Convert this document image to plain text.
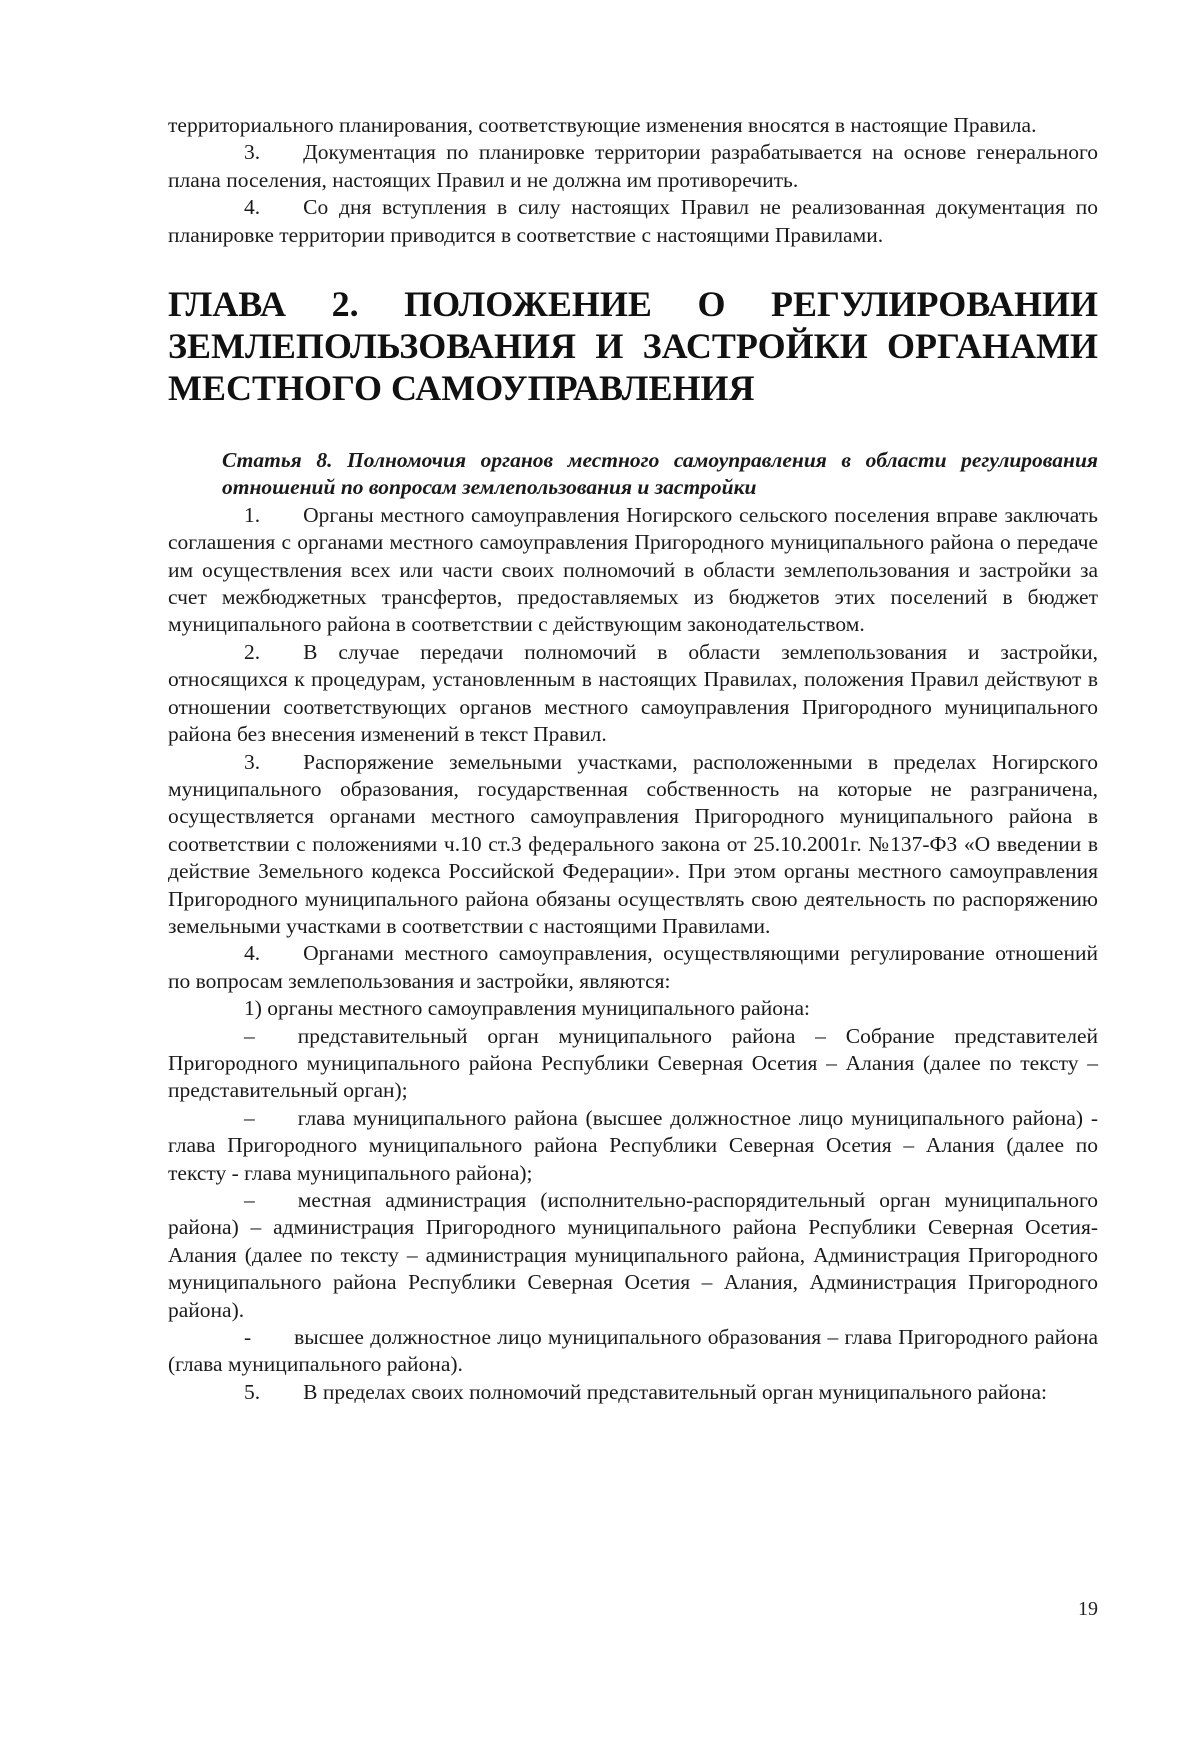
территориального планирования, соответствующие изменения вносятся в настоящие Правила.

3.  Документация по планировке территории разрабатывается на основе генерального плана поселения, настоящих Правил и не должна им противоречить.

4.  Со дня вступления в силу настоящих Правил не реализованная документация по планировке территории приводится в соответствие с настоящими Правилами.

ГЛАВА 2. ПОЛОЖЕНИЕ О РЕГУЛИРОВАНИИ
ЗЕМЛЕПОЛЬЗОВАНИЯ И ЗАСТРОЙКИ ОРГАНАМИ
МЕСТНОГО САМОУПРАВЛЕНИЯ

Статья 8. Полномочия органов местного самоуправления в области регулирования отношений по вопросам землепользования и застройки

1.  Органы местного самоуправления Ногирского сельского поселения вправе заключать соглашения с органами местного самоуправления Пригородного муниципального района о передаче им осуществления всех или части своих полномочий в области землепользования и застройки за счет межбюджетных трансфертов, предоставляемых из бюджетов этих поселений в бюджет муниципального района в соответствии с действующим законодательством.

2.  В случае передачи полномочий в области землепользования и застройки, относящихся к процедурам, установленным в настоящих Правилах, положения Правил действуют в отношении соответствующих органов местного самоуправления Пригородного муниципального района без внесения изменений в текст Правил.

3.  Распоряжение земельными участками, расположенными в пределах Ногирского муниципального образования, государственная собственность на которые не разграничена, осуществляется органами местного самоуправления Пригородного муниципального района в соответствии с положениями ч.10 ст.3 федерального закона от 25.10.2001г. №137-ФЗ «О введении в действие Земельного кодекса Российской Федерации». При этом органы местного самоуправления Пригородного муниципального района обязаны осуществлять свою деятельность по распоряжению земельными участками в соответствии с настоящими Правилами.

4.  Органами местного самоуправления, осуществляющими регулирование отношений по вопросам землепользования и застройки, являются:

1) органы местного самоуправления муниципального района:

–  представительный орган муниципального района – Собрание представителей Пригородного муниципального района Республики Северная Осетия – Алания (далее по тексту – представительный орган);

–  глава муниципального района (высшее должностное лицо муниципального района) - глава Пригородного муниципального района Республики Северная Осетия – Алания (далее по тексту - глава муниципального района);

–  местная администрация (исполнительно-распорядительный орган муниципального района) – администрация Пригородного муниципального района Республики Северная Осетия-Алания (далее по тексту – администрация муниципального района, Администрация Пригородного муниципального района Республики Северная Осетия – Алания, Администрация Пригородного района).

-  высшее должностное лицо муниципального образования – глава Пригородного района (глава муниципального района).

5.  В пределах своих полномочий представительный орган муниципального района:

19
